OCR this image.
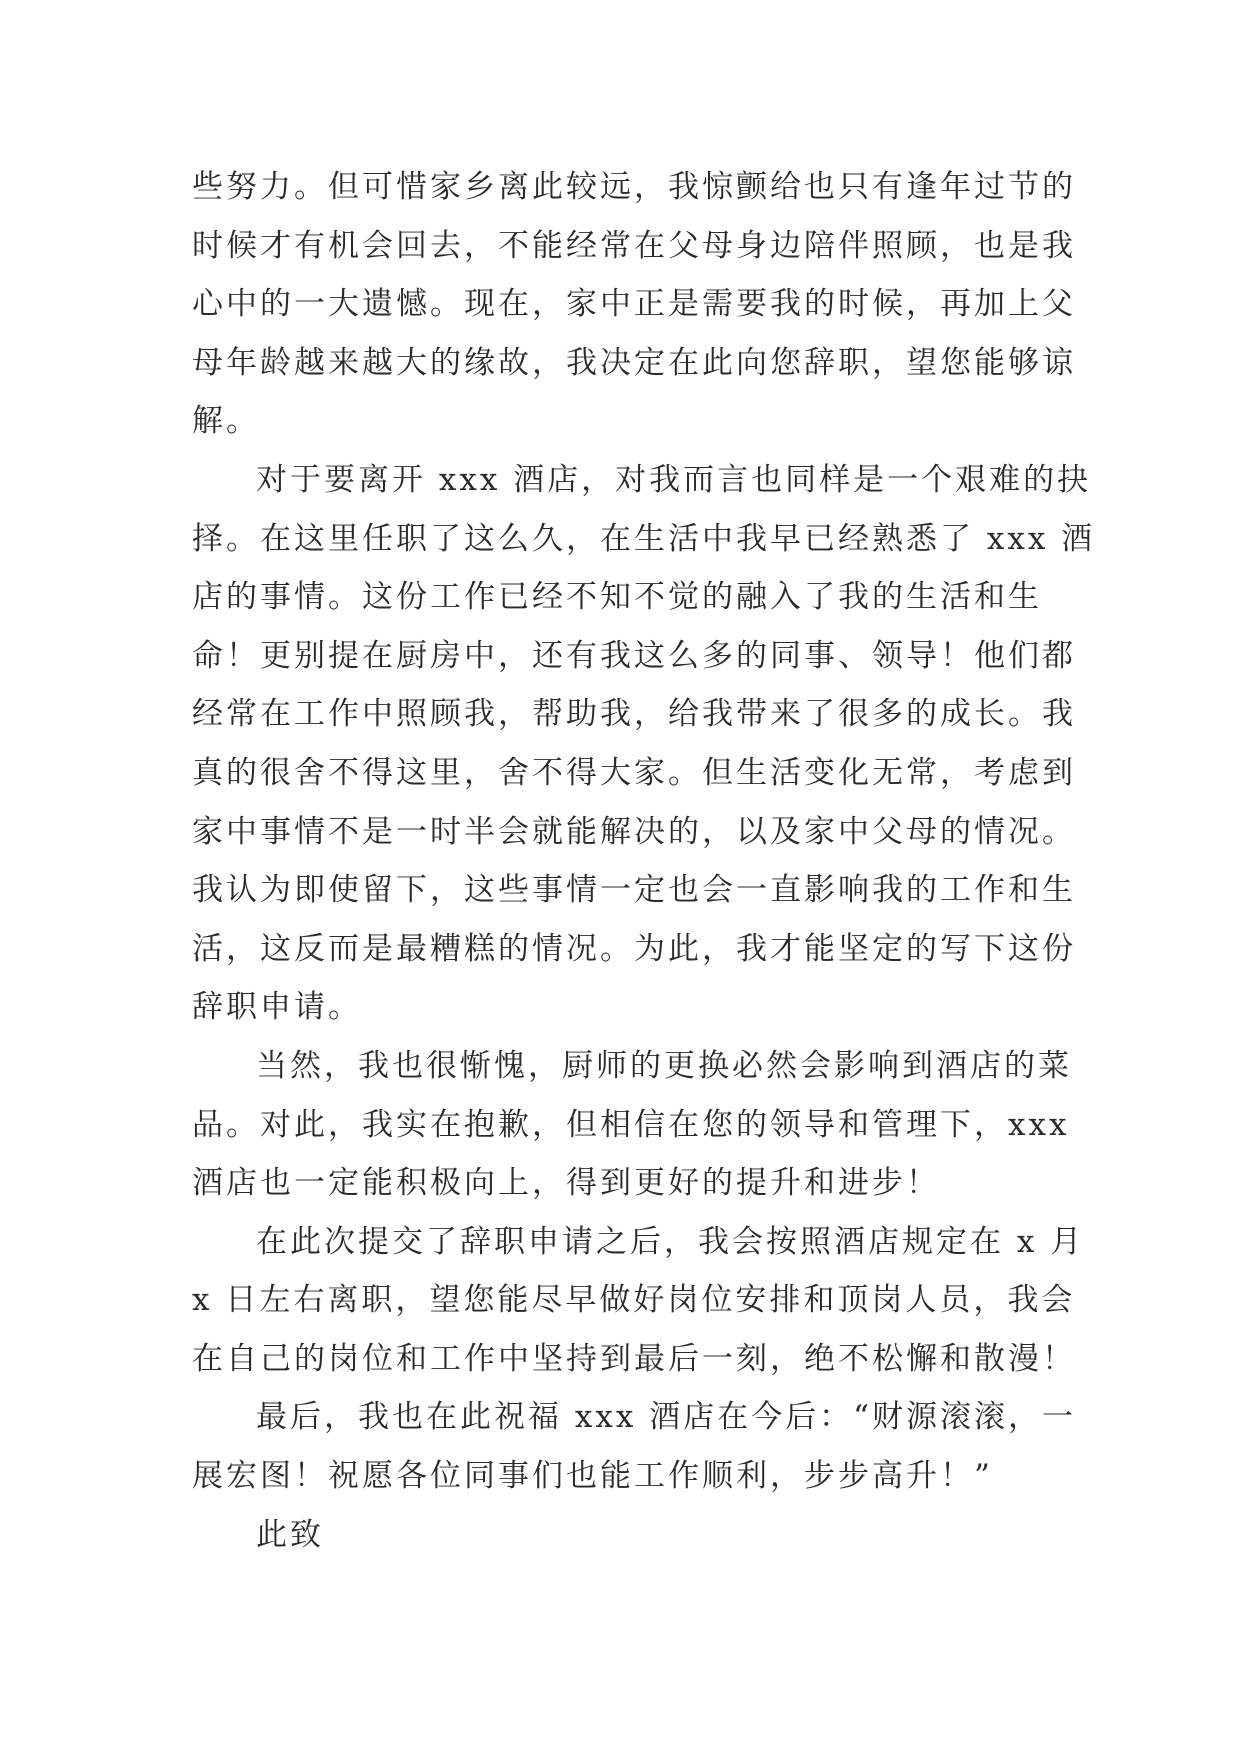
些努力。但可惜家乡离此较远，我惊颤给也只有逢年过节的
时候才有机会回去，不能经常在父母身边陪伴照顾，也是我
心中的一大遗憾。现在，家中正是需要我的时候，再加上父
母年龄越来越大的缘故，我决定在此向您辞职，望您能够谅
解。
对于要离开 xxx 酒店，对我而言也同样是一个艰难的抉
择。在这里任职了这么久，在生活中我早已经熟悉了 xxx 酒
店的事情。这份工作已经不知不觉的融入了我的生活和生
命！更别提在厨房中，还有我这么多的同事、领导！他们都
经常在工作中照顾我，帮助我，给我带来了很多的成长。我
真的很舍不得这里，舍不得大家。但生活变化无常，考虑到
家中事情不是一时半会就能解决的，以及家中父母的情况。
我认为即使留下，这些事情一定也会一直影响我的工作和生
活，这反而是最糟糕的情况。为此，我才能坚定的写下这份
辞职申请。
当然，我也很惭愧，厨师的更换必然会影响到酒店的菜
品。对此，我实在抱歉，但相信在您的领导和管理下，xxx
酒店也一定能积极向上，得到更好的提升和进步！
在此次提交了辞职申请之后，我会按照酒店规定在 x 月
x 日左右离职，望您能尽早做好岗位安排和顶岗人员，我会
在自己的岗位和工作中坚持到最后一刻，绝不松懈和散漫！
最后，我也在此祝福 xxx 酒店在今后：“财源滚滚，一
展宏图！祝愿各位同事们也能工作顺利，步步高升！”
此致
